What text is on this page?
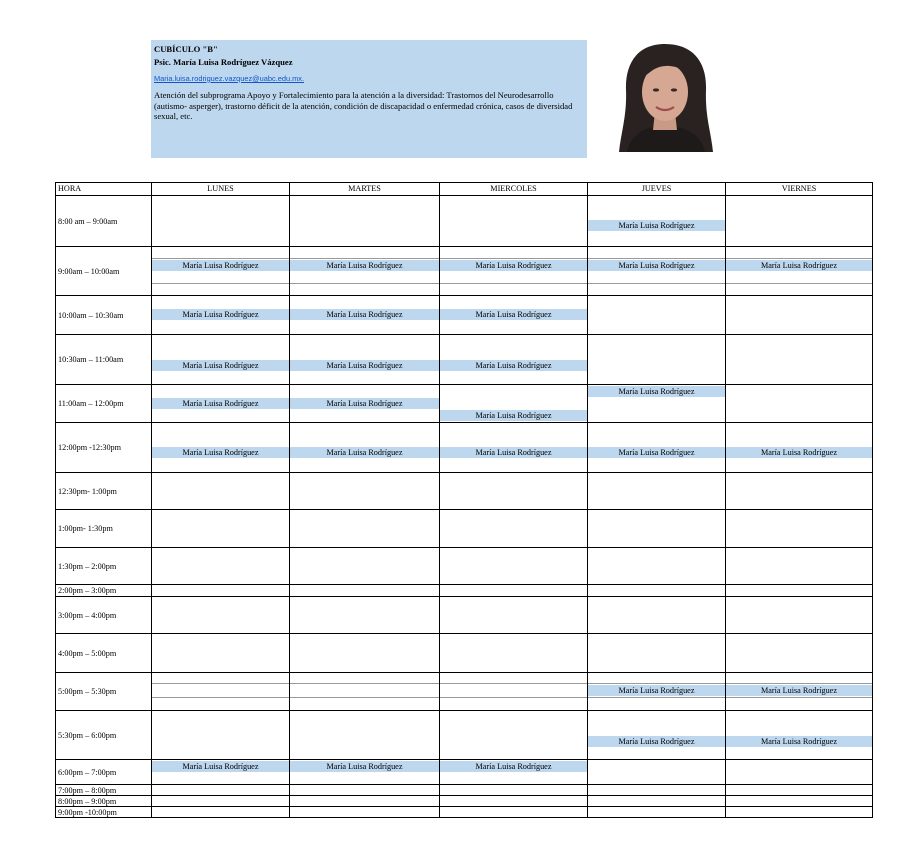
CUBÍCULO "B"

Psic. María Luisa Rodríguez Vázquez

Maria.luisa.rodriguez.vazquez@uabc.edu.mx.

Atención del subprograma Apoyo y Fortalecimiento para la atención a la diversidad: Trastornos del Neurodesarrollo (autismo- asperger), trastorno déficit de la atención, condición de discapacidad o enfermedad crónica, casos de diversidad sexual, etc.

HORA	LUNES	MARTES	MIERCOLES	JUEVES	VIERNES
8:00 am – 9:00am				María Luisa Rodríguez	

9:00am – 10:00am	María Luisa Rodríguez	María Luisa Rodríguez	María Luisa Rodríguez	María Luisa Rodríguez	María Luisa Rodríguez

10:00am – 10:30am	María Luisa Rodríguez	María Luisa Rodríguez	María Luisa Rodríguez		

10:30am – 11:00am	María Luisa Rodríguez	María Luisa Rodríguez	María Luisa Rodríguez		

11:00am – 12:00pm	María Luisa Rodríguez	María Luisa Rodríguez	María Luisa Rodríguez	María Luisa Rodríguez	

12:00pm -12:30pm	María Luisa Rodríguez	María Luisa Rodríguez	María Luisa Rodríguez	María Luisa Rodríguez	María Luisa Rodríguez

12:30pm- 1:00pm					
1:00pm- 1:30pm					
1:30pm – 2:00pm					
2:00pm – 3:00pm					
3:00pm – 4:00pm					
4:00pm – 5:00pm					
5:00pm – 5:30pm				María Luisa Rodríguez	María Luisa Rodríguez

5:30pm – 6:00pm				María Luisa Rodríguez	María Luisa Rodríguez

6:00pm – 7:00pm	María Luisa Rodríguez	María Luisa Rodríguez	María Luisa Rodríguez		

7:00pm – 8:00pm					
8:00pm – 9:00pm					
9:00pm -10:00pm					
